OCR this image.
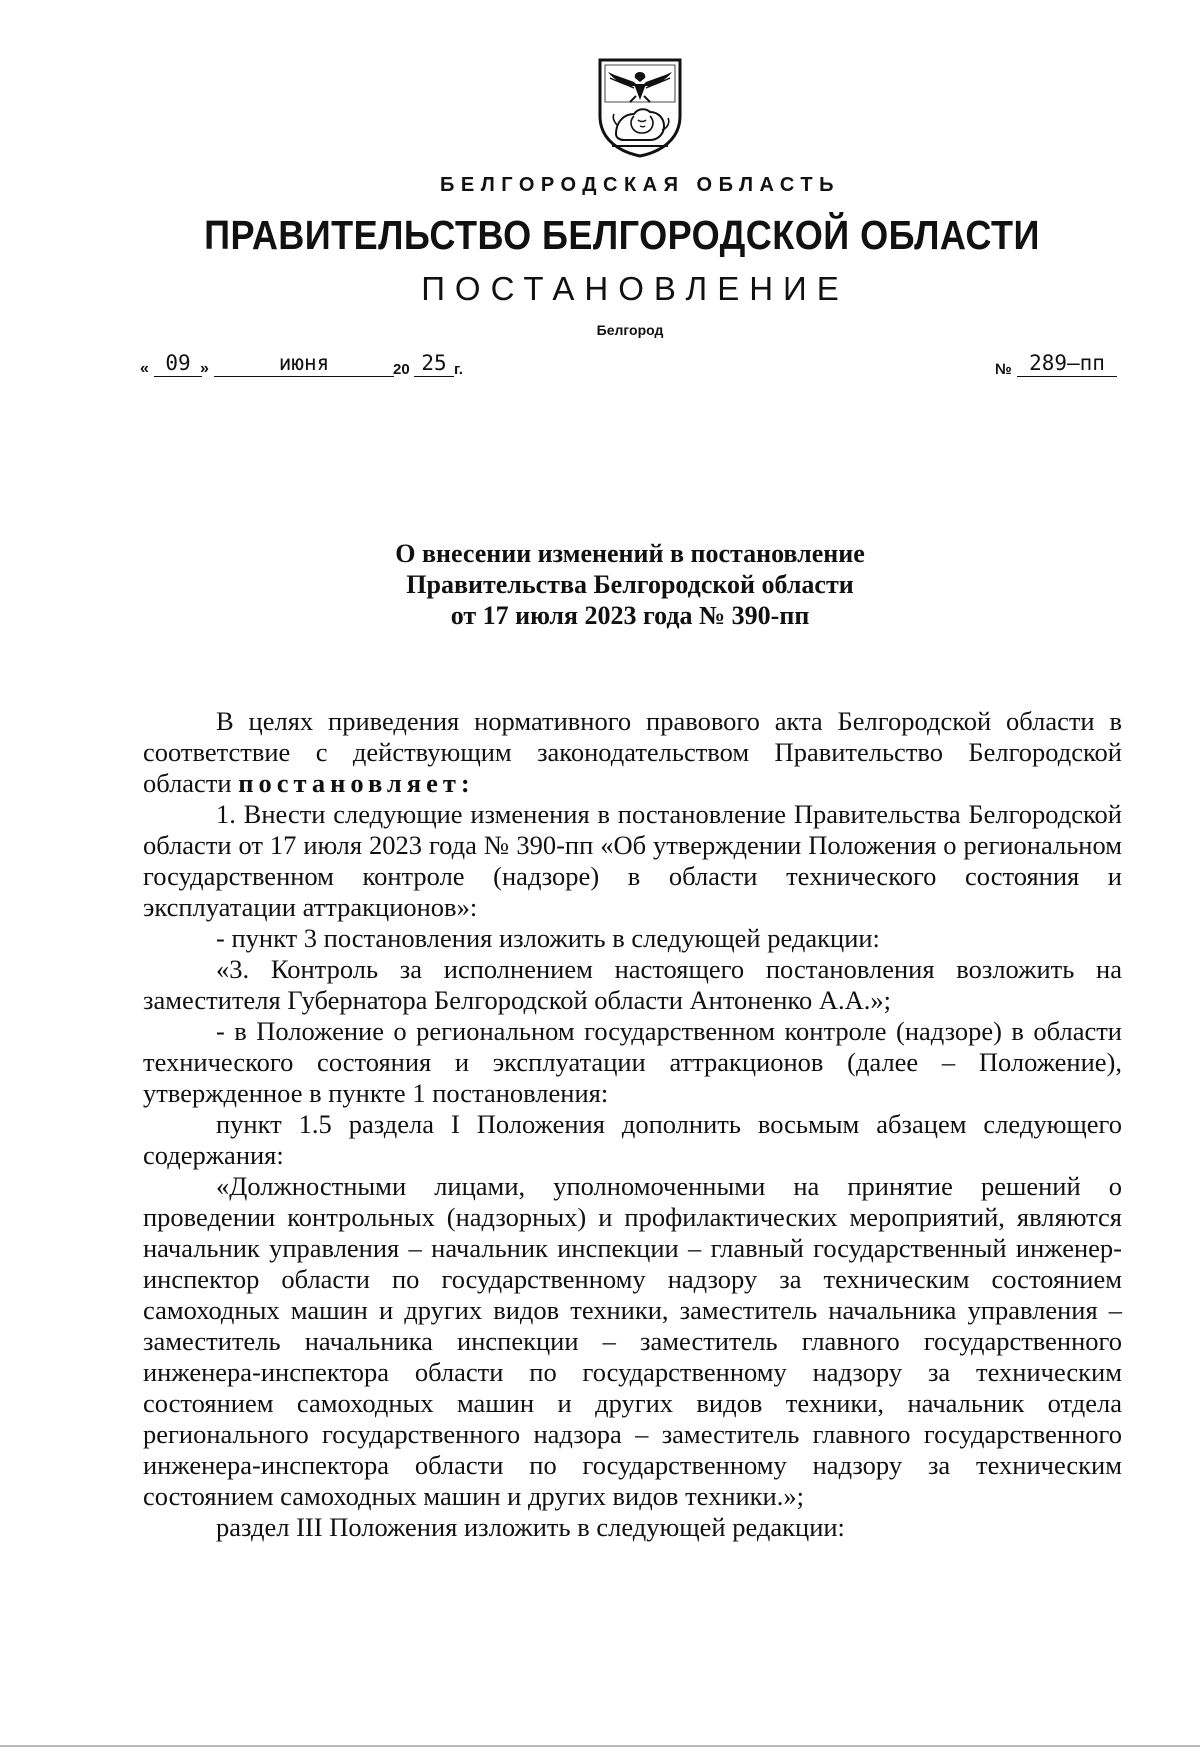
БЕЛГОРОДСКАЯ ОБЛАСТЬ
ПРАВИТЕЛЬСТВО БЕЛГОРОДСКОЙ ОБЛАСТИ
ПОСТАНОВЛЕНИЕ
Белгород
« 09 »	июня	20 25 г.	№ 289–пп
О внесении изменений в постановление
Правительства Белгородской области
от 17 июля 2023 года № 390-пп

В целях приведения нормативного правового акта Белгородской области в соответствие с действующим законодательством Правительство Белгородской области постановляет:

1. Внести следующие изменения в постановление Правительства Белгородской области от 17 июля 2023 года № 390-пп «Об утверждении Положения о региональном государственном контроле (надзоре) в области технического состояния и эксплуатации аттракционов»:

- пункт 3 постановления изложить в следующей редакции:

«3. Контроль за исполнением настоящего постановления возложить на заместителя Губернатора Белгородской области Антоненко А.А.»;

- в Положение о региональном государственном контроле (надзоре) в области технического состояния и эксплуатации аттракционов (далее – Положение), утвержденное в пункте 1 постановления:

пункт 1.5 раздела I Положения дополнить восьмым абзацем следующего содержания:

«Должностными лицами, уполномоченными на принятие решений о проведении контрольных (надзорных) и профилактических мероприятий, являются начальник управления – начальник инспекции – главный государственный инженер-инспектор области по государственному надзору за техническим состоянием самоходных машин и других видов техники, заместитель начальника управления – заместитель начальника инспекции – заместитель главного государственного инженера-инспектора области по государственному надзору за техническим состоянием самоходных машин и других видов техники, начальник отдела регионального государственного надзора – заместитель главного государственного инженера-инспектора области по государственному надзору за техническим состоянием самоходных машин и других видов техники.»;

раздел III Положения изложить в следующей редакции:
